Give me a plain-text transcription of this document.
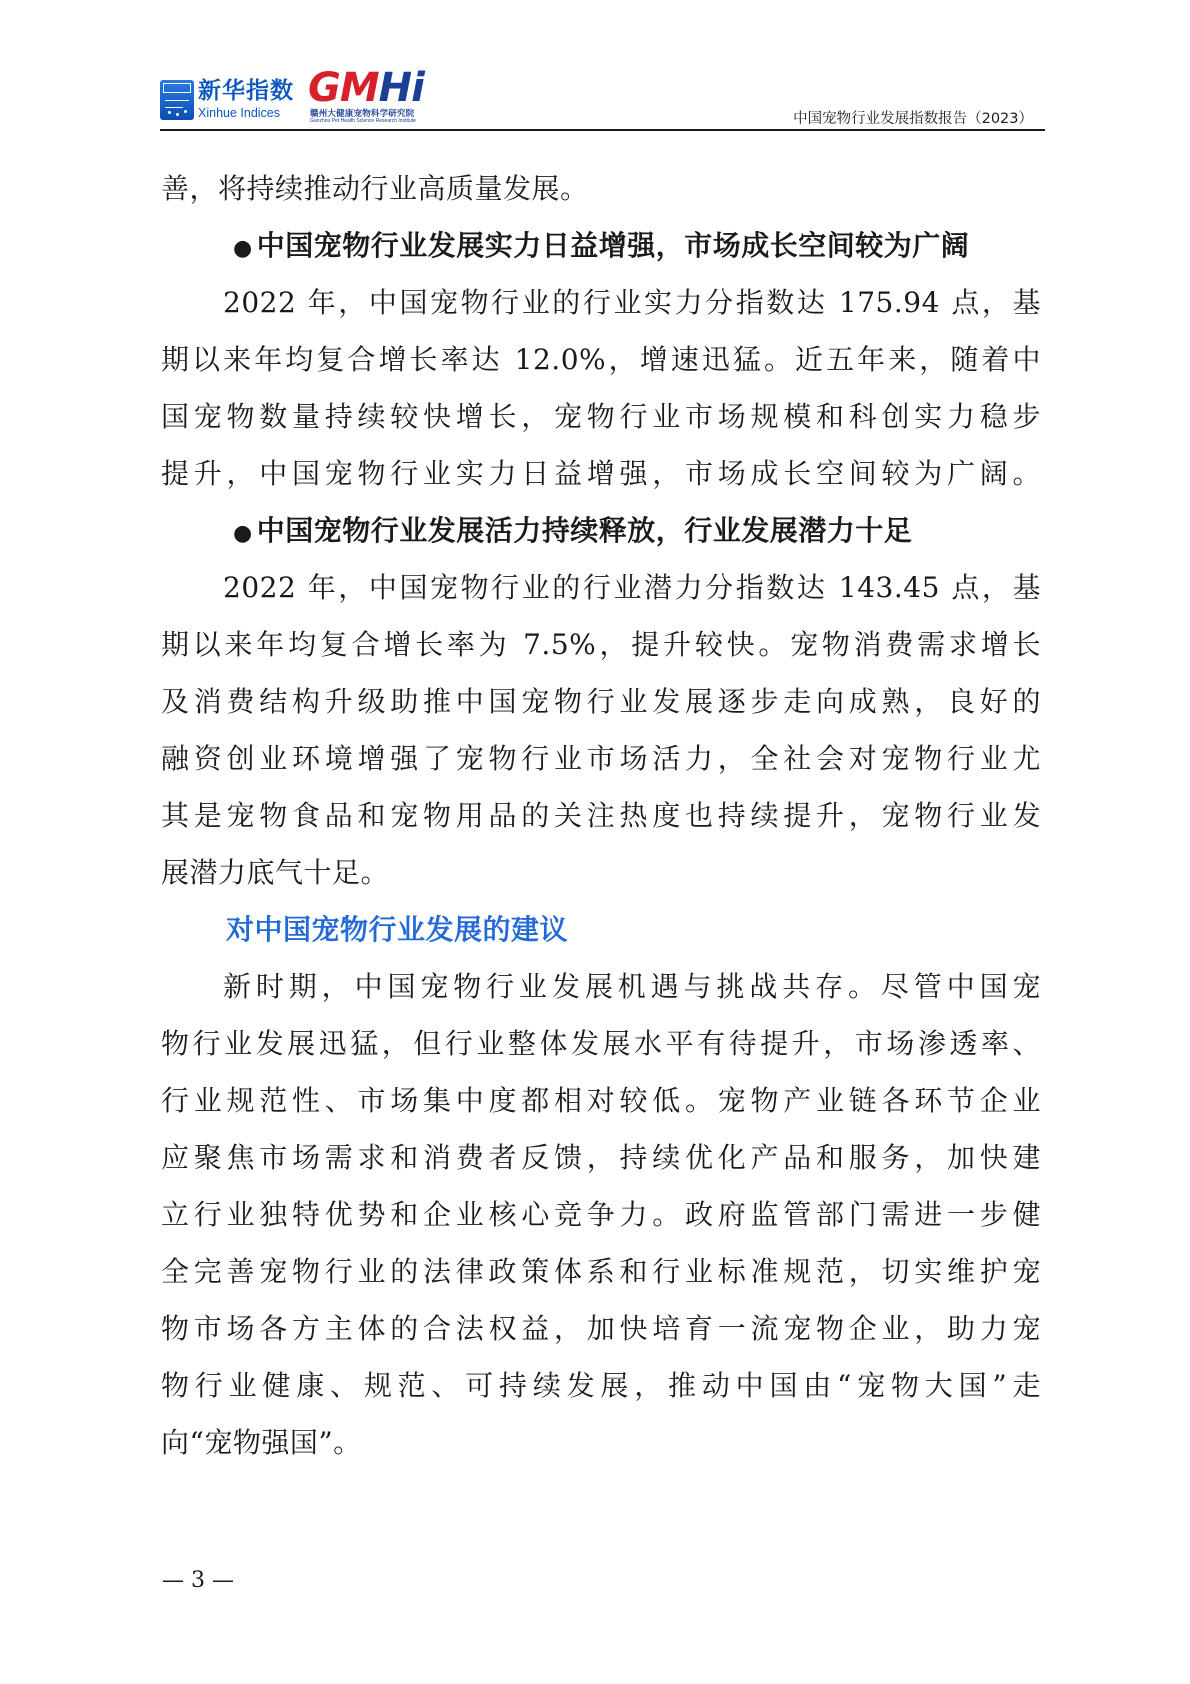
新华指数
Xinhue Indices
GMHi
赣州大健康宠物科学研究院
Ganzhou Pet Health Science Research Institute	中国宠物行业发展指数报告（2023）
善，将持续推动行业高质量发展。
● 中国宠物行业发展实力日益增强，市场成长空间较为广阔
2022 年，中国宠物行业的行业实力分指数达 175.94 点，基
期以来年均复合增长率达 12.0%，增速迅猛。近五年来，随着中
国宠物数量持续较快增长，宠物行业市场规模和科创实力稳步
提升，中国宠物行业实力日益增强，市场成长空间较为广阔。
● 中国宠物行业发展活力持续释放，行业发展潜力十足
2022 年，中国宠物行业的行业潜力分指数达 143.45 点，基
期以来年均复合增长率为 7.5%，提升较快。宠物消费需求增长
及消费结构升级助推中国宠物行业发展逐步走向成熟，良好的
融资创业环境增强了宠物行业市场活力，全社会对宠物行业尤
其是宠物食品和宠物用品的关注热度也持续提升，宠物行业发
展潜力底气十足。
对中国宠物行业发展的建议
新时期，中国宠物行业发展机遇与挑战共存。尽管中国宠
物行业发展迅猛，但行业整体发展水平有待提升，市场渗透率、
行业规范性、市场集中度都相对较低。宠物产业链各环节企业
应聚焦市场需求和消费者反馈，持续优化产品和服务，加快建
立行业独特优势和企业核心竞争力。政府监管部门需进一步健
全完善宠物行业的法律政策体系和行业标准规范，切实维护宠
物市场各方主体的合法权益，加快培育一流宠物企业，助力宠
物行业健康、规范、可持续发展，推动中国由“宠物大国”走
向“宠物强国”。
— 3 —
